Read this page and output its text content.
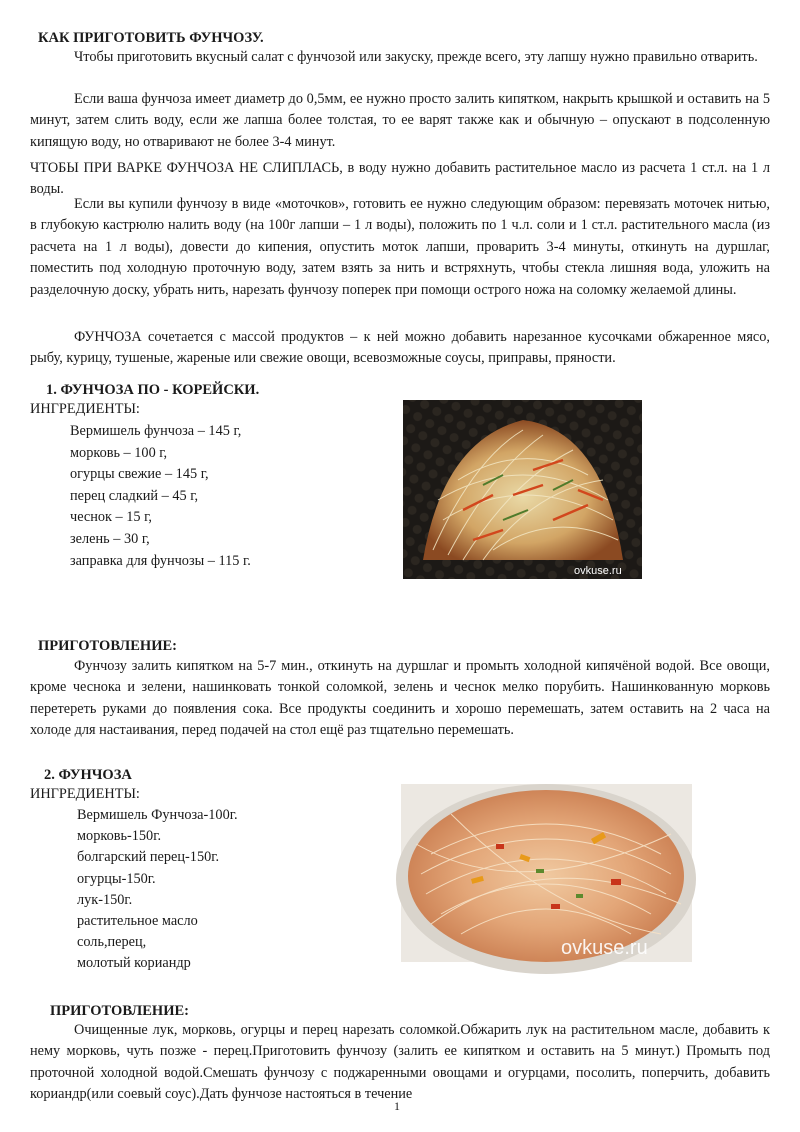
КАК ПРИГОТОВИТЬ ФУНЧОЗУ.
Чтобы приготовить вкусный салат с фунчозой или закуску, прежде всего, эту лапшу нужно правильно отварить.
Если ваша фунчоза имеет диаметр до 0,5мм, ее нужно просто залить кипятком, накрыть крышкой и оставить на 5 минут, затем слить воду, если же лапша более толстая, то ее варят также как и обычную – опускают в подсоленную кипящую воду, но отваривают не более 3-4 минут.
ЧТОБЫ ПРИ ВАРКЕ ФУНЧОЗА НЕ СЛИПЛАСЬ, в воду нужно добавить растительное масло из расчета 1 ст.л. на 1 л воды.
Если вы купили фунчозу в виде «моточков», готовить ее нужно следующим образом: перевязать моточек нитью, в глубокую кастрюлю налить воду (на 100г лапши – 1 л воды), положить по 1 ч.л. соли и 1 ст.л. растительного масла (из расчета на 1 л воды), довести до кипения, опустить моток лапши, проварить 3-4 минуты, откинуть на дуршлаг, поместить под холодную проточную воду, затем взять за нить и встряхнуть, чтобы стекла лишняя вода, уложить на разделочную доску, убрать нить, нарезать фунчозу поперек при помощи острого ножа на соломку желаемой длины.
ФУНЧОЗА сочетается с массой продуктов – к ней можно добавить нарезанное кусочками обжаренное мясо, рыбу, курицу, тушеные, жареные или свежие овощи, всевозможные соусы, приправы, пряности.
1. ФУНЧОЗА ПО - КОРЕЙСКИ.
ИНГРЕДИЕНТЫ:
Вермишель фунчоза – 145 г,
морковь – 100 г,
огурцы свежие – 145 г,
перец сладкий – 45 г,
чеснок – 15 г,
зелень – 30 г,
заправка для фунчозы – 115 г.
ovkuse.ru
ПРИГОТОВЛЕНИЕ:
Фунчозу залить кипятком на 5-7 мин., откинуть на дуршлаг и промыть холодной кипячёной водой. Все овощи, кроме чеснока и зелени, нашинковать тонкой соломкой, зелень и чеснок мелко порубить. Нашинкованную морковь перетереть руками до появления сока. Все продукты соединить и хорошо перемешать, затем оставить на 2 часа на холоде для настаивания, перед подачей на стол ещё раз тщательно перемешать.
2. ФУНЧОЗА
ИНГРЕДИЕНТЫ:
Вермишель Фунчоза-100г.
морковь-150г.
болгарский перец-150г.
огурцы-150г.
лук-150г.
растительное масло
соль,перец,
молотый кориандр
ovkuse.ru
ПРИГОТОВЛЕНИЕ:
Очищенные лук, морковь, огурцы и перец нарезать соломкой.Обжарить лук на растительном масле, добавить к нему морковь, чуть позже - перец.Приготовить фунчозу (залить ее кипятком и оставить на 5 минут.) Промыть под проточной холодной водой.Смешать фунчозу с поджаренными овощами и огурцами, посолить, поперчить, добавить кориандр(или соевый соус).Дать фунчозе настояться в течение
1
